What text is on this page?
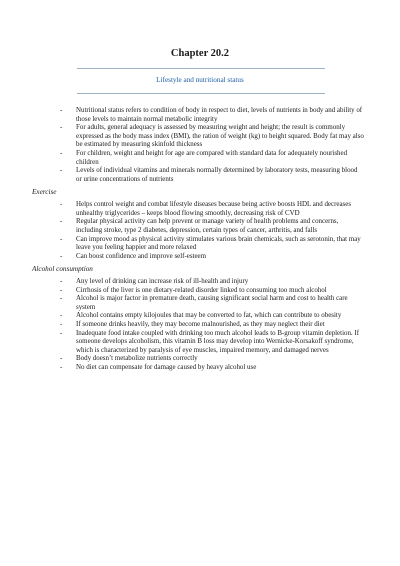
Chapter 20.2
Lifestyle and nutritional status
- Nutritional status refers to condition of body in respect to diet, levels of nutrients in body and ability of those levels to maintain normal metabolic integrity
- For adults, general adequacy is assessed by measuring weight and height; the result is commonly expressed as the body mass index (BMI), the ration of weight (kg) to height squared. Body fat may also be estimated by measuring skinfold thickness
- For children, weight and height for age are compared with standard data for adequately nourished children
- Levels of individual vitamins and minerals normally determined by laboratory tests, measuring blood or urine concentrations of nutrients
Exercise
- Helps control weight and combat lifestyle diseases because being active boosts HDL and decreases unhealthy triglycerides – keeps blood flowing smoothly, decreasing risk of CVD
- Regular physical activity can help prevent or manage variety of health problems and concerns, including stroke, type 2 diabetes, depression, certain types of cancer, arthritis, and falls
- Can improve mood as physical activity stimulates various brain chemicals, such as serotonin, that may leave you feeling happier and more relaxed
- Can boost confidence and improve self-esteem
Alcohol consumption
- Any level of drinking can increase risk of ill-health and injury
- Cirrhosis of the liver is one dietary-related disorder linked to consuming too much alcohol
- Alcohol is major factor in premature death, causing significant social harm and cost to health care system
- Alcohol contains empty kilojoules that may be converted to fat, which can contribute to obesity
- If someone drinks heavily, they may become malnourished, as they may neglect their diet
- Inadequate food intake coupled with drinking too much alcohol leads to B-group vitamin depletion. If someone develops alcoholism, this vitamin B loss may develop into Wernicke-Korsakoff syndrome, which is characterized by paralysis of eye muscles, impaired memory, and damaged nerves
- Body doesn’t metabolize nutrients correctly
- No diet can compensate for damage caused by heavy alcohol use
